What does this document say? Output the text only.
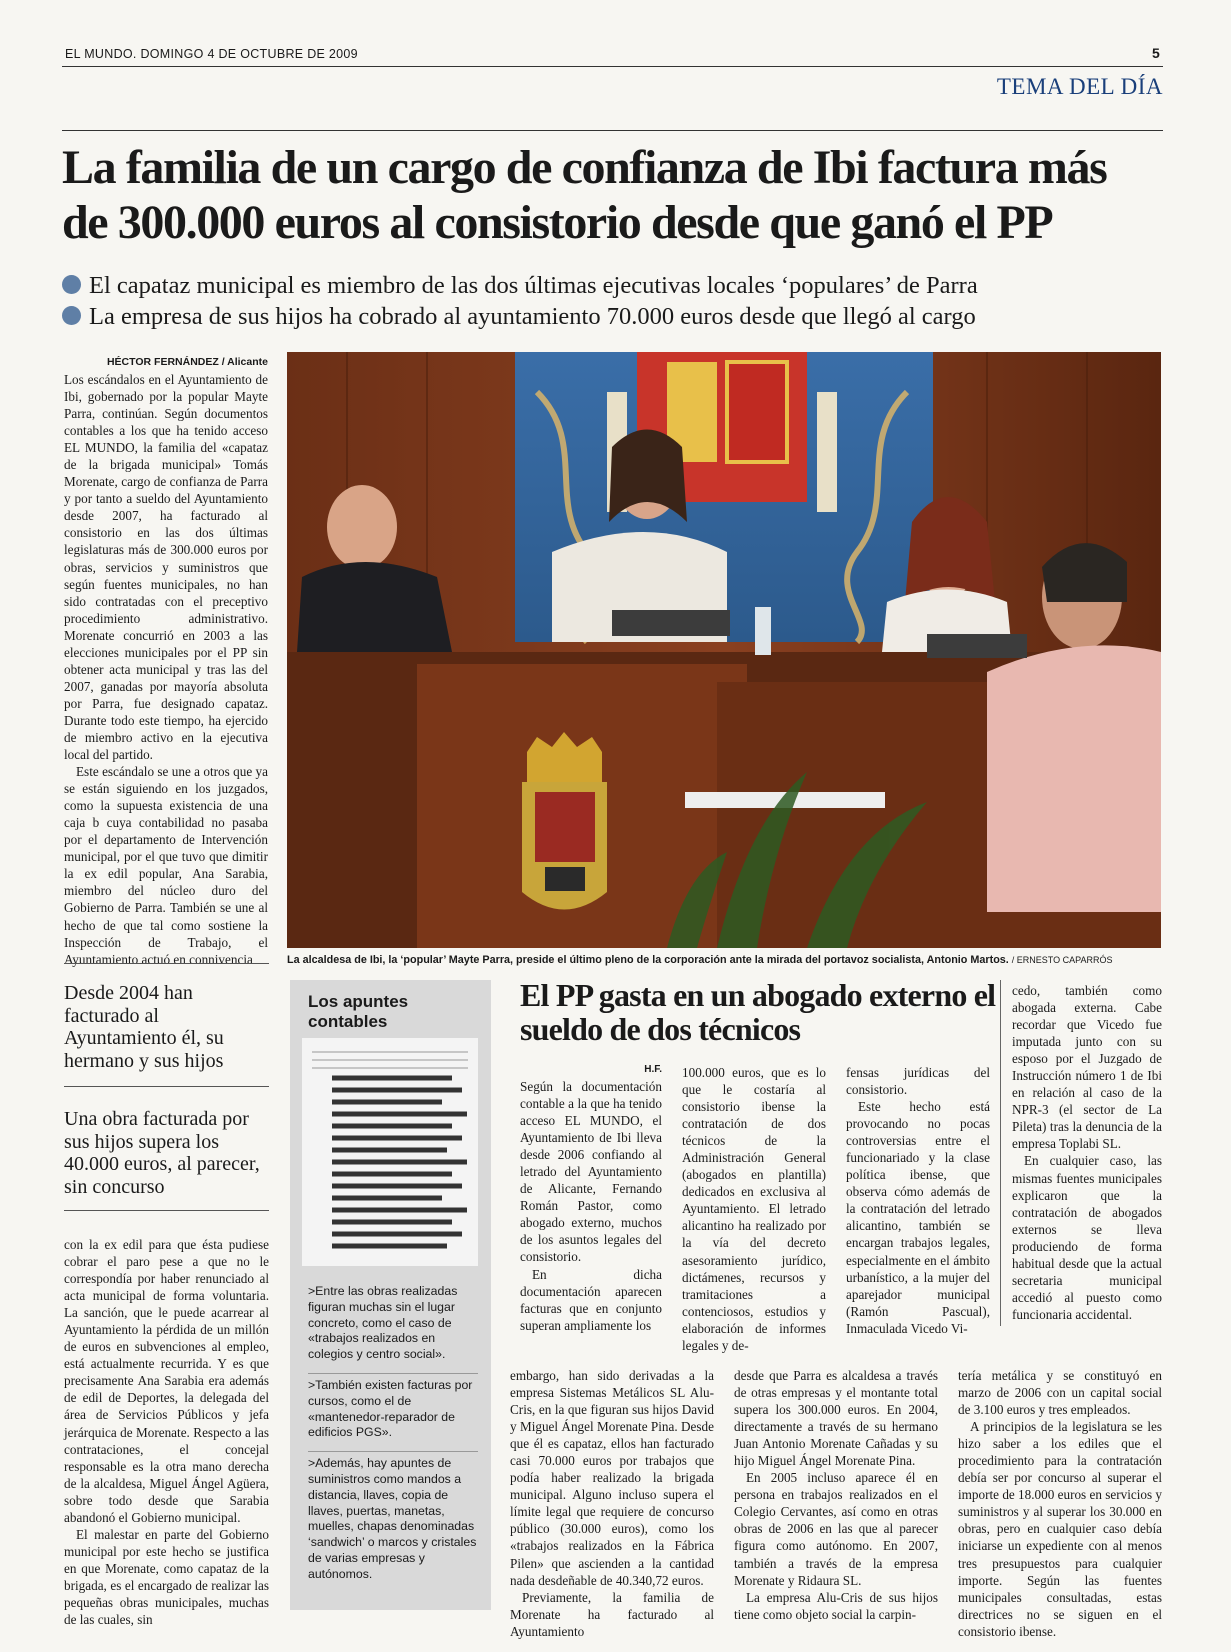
EL MUNDO. DOMINGO 4 DE OCTUBRE DE 2009	5
TEMA DEL DÍA
La familia de un cargo de confianza de Ibi factura más
de 300.000 euros al consistorio desde que ganó el PP
El capataz municipal es miembro de las dos últimas ejecutivas locales ‘populares’ de Parra
La empresa de sus hijos ha cobrado al ayuntamiento 70.000 euros desde que llegó al cargo
HÉCTOR FERNÁNDEZ / Alicante

Los escándalos en el Ayuntamiento de Ibi, gobernado por la popular Mayte Parra, continúan. Según documentos contables a los que ha tenido acceso EL MUNDO, la familia del «capataz de la brigada municipal» Tomás Morenate, cargo de confianza de Parra y por tanto a sueldo del Ayuntamiento desde 2007, ha facturado al consistorio en las dos últimas legislaturas más de 300.000 euros por obras, servicios y suministros que según fuentes municipales, no han sido contratadas con el preceptivo procedimiento administrativo. Morenate concurrió en 2003 a las elecciones municipales por el PP sin obtener acta municipal y tras las del 2007, ganadas por mayoría absoluta por Parra, fue designado capataz. Durante todo este tiempo, ha ejercido de miembro activo en la ejecutiva local del partido.

Este escándalo se une a otros que ya se están siguiendo en los juzgados, como la supuesta existencia de una caja b cuya contabilidad no pasaba por el departamento de Intervención municipal, por el que tuvo que dimitir la ex edil popular, Ana Sarabia, miembro del núcleo duro del Gobierno de Parra. También se une al hecho de que tal como sostiene la Inspección de Trabajo, el Ayuntamiento actuó en connivencia	La alcaldesa de Ibi, la ‘popular’ Mayte Parra, preside el último pleno de la corporación ante la mirada del portavoz socialista, Antonio Martos. / ERNESTO CAPARRÓS
Desde 2004 han facturado al Ayuntamiento él, su hermano y sus hijos
Una obra facturada por sus hijos supera los 40.000 euros, al parecer, sin concurso

con la ex edil para que ésta pudiese cobrar el paro pese a que no le correspondía por haber renunciado al acta municipal de forma voluntaria. La sanción, que le puede acarrear al Ayuntamiento la pérdida de un millón de euros en subvenciones al empleo, está actualmente recurrida. Y es que precisamente Ana Sarabia era además de edil de Deportes, la delegada del área de Servicios Públicos y jefa jerárquica de Morenate. Respecto a las contrataciones, el concejal responsable es la otra mano derecha de la alcaldesa, Miguel Ángel Agüera, sobre todo desde que Sarabia abandonó el Gobierno municipal.

El malestar en parte del Gobierno municipal por este hecho se justifica en que Morenate, como capataz de la brigada, es el encargado de realizar las pequeñas obras municipales, muchas de las cuales, sin

Los apuntes contables

>Entre las obras realizadas figuran muchas sin el lugar concreto, como el caso de «trabajos realizados en colegios y centro social».

>También existen facturas por cursos, como el de «mantenedor-reparador de edificios PGS».

>Además, hay apuntes de suministros como mandos a distancia, llaves, copia de llaves, puertas, manetas, muelles, chapas denominadas ‘sandwich’ o marcos y cristales de varias empresas y autónomos.

El PP gasta en un abogado externo el sueldo de dos técnicos
H.F.

Según la documentación contable a la que ha tenido acceso EL MUNDO, el Ayuntamiento de Ibi lleva desde 2006 confiando al letrado del Ayuntamiento de Alicante, Fernando Román Pastor, como abogado externo, muchos de los asuntos legales del consistorio.

En dicha documentación aparecen facturas que en conjunto superan ampliamente los

100.000 euros, que es lo que le costaría al consistorio ibense la contratación de dos técnicos de la Administración General (abogados en plantilla) dedicados en exclusiva al Ayuntamiento. El letrado alicantino ha realizado por la vía del decreto asesoramiento jurídico, dictámenes, recursos y tramitaciones a contenciosos, estudios y elaboración de informes legales y de-

fensas jurídicas del consistorio.

Este hecho está provocando no pocas controversias entre el funcionariado y la clase política ibense, que observa cómo además de la contratación del letrado alicantino, también se encargan trabajos legales, especialmente en el ámbito urbanístico, a la mujer del aparejador municipal (Ramón Pascual), Inmaculada Vicedo Vi-

cedo, también como abogada externa. Cabe recordar que Vicedo fue imputada junto con su esposo por el Juzgado de Instrucción número 1 de Ibi en relación al caso de la NPR-3 (el sector de La Pileta) tras la denuncia de la empresa Toplabi SL.

En cualquier caso, las mismas fuentes municipales explicaron que la contratación de abogados externos se lleva produciendo de forma habitual desde que la actual secretaria municipal accedió al puesto como funcionaria accidental.

embargo, han sido derivadas a la empresa Sistemas Metálicos SL Alu-Cris, en la que figuran sus hijos David y Miguel Ángel Morenate Pina. Desde que él es capataz, ellos han facturado casi 70.000 euros por trabajos que podía haber realizado la brigada municipal. Alguno incluso supera el límite legal que requiere de concurso público (30.000 euros), como los «trabajos realizados en la Fábrica Pilen» que ascienden a la cantidad nada desdeñable de 40.340,72 euros.

Previamente, la familia de Morenate ha facturado al Ayuntamiento

desde que Parra es alcaldesa a través de otras empresas y el montante total supera los 300.000 euros. En 2004, directamente a través de su hermano Juan Antonio Morenate Cañadas y su hijo Miguel Ángel Morenate Pina.

En 2005 incluso aparece él en persona en trabajos realizados en el Colegio Cervantes, así como en otras obras de 2006 en las que al parecer figura como autónomo. En 2007, también a través de la empresa Morenate y Ridaura SL.

La empresa Alu-Cris de sus hijos tiene como objeto social la carpin-

tería metálica y se constituyó en marzo de 2006 con un capital social de 3.100 euros y tres empleados.

A principios de la legislatura se les hizo saber a los ediles que el procedimiento para la contratación debía ser por concurso al superar el importe de 18.000 euros en servicios y suministros y al superar los 30.000 en obras, pero en cualquier caso debía iniciarse un expediente con al menos tres presupuestos para cualquier importe. Según las fuentes municipales consultadas, estas directrices no se siguen en el consistorio ibense.
